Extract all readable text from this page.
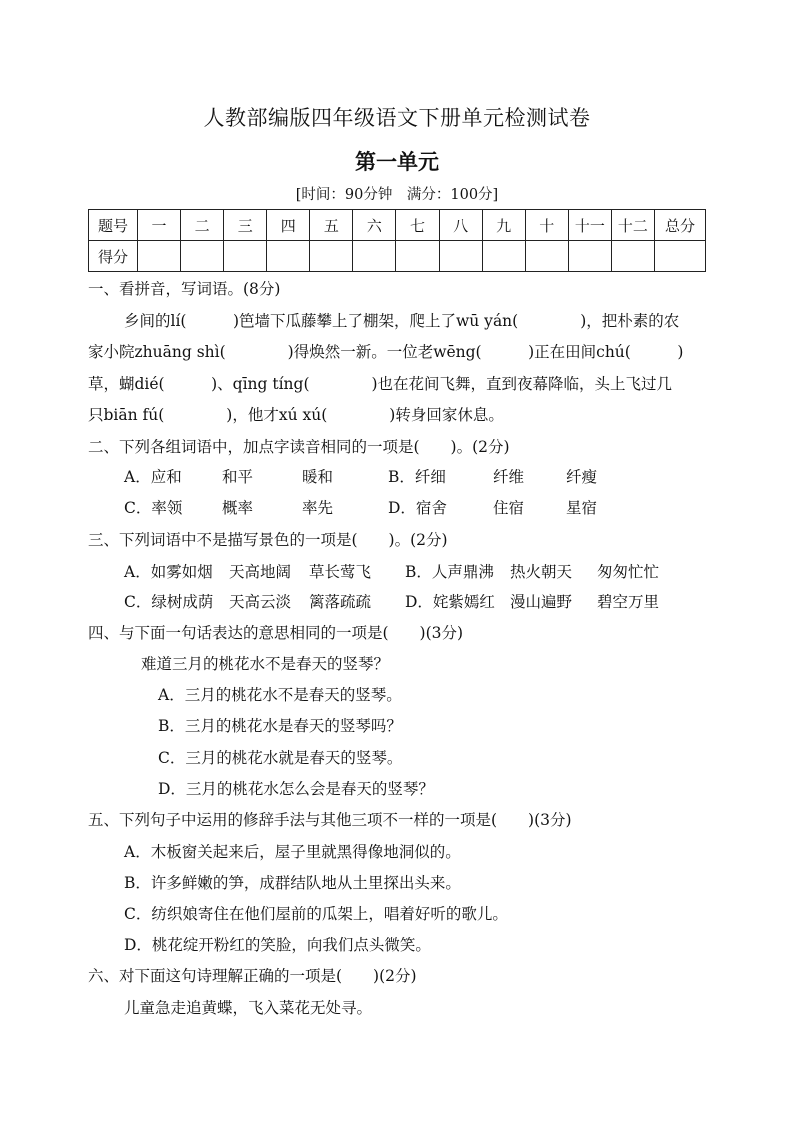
人教部编版四年级语文下册单元检测试卷
第一单元
[时间：90分钟　满分：100分]
题号	一	二	三	四	五	六	七	八	九	十	十一	十二	总分
得分													
一、看拼音，写词语。(8分)
乡间的lí(　　　)笆墙下瓜藤攀上了棚架，爬上了wū yán(　　　　)，把朴素的农
家小院zhuāng shì(　　　　)得焕然一新。一位老wēng(　　　)正在田间chú(　　　)
草，蝴dié(　　　)、qīng tíng(　　　　)也在花间飞舞，直到夜幕降临，头上飞过几
只biān fú(　　　　)，他才xú xú(　　　　)转身回家休息。
二、下列各组词语中，加点字读音相同的一项是(　　)。(2分)
A．应和	和平	暖和	B．纤细	纤维	纤瘦
C．率领	概率	率先	D．宿舍	住宿	星宿
三、下列词语中不是描写景色的一项是(　　)。(2分)
A．如雾如烟 天高地阔 草长莺飞 B．人声鼎沸 热火朝天 匆匆忙忙
C．绿树成荫 天高云淡 篱落疏疏 D．姹紫嫣红 漫山遍野 碧空万里
四、与下面一句话表达的意思相同的一项是(　　)(3分)
难道三月的桃花水不是春天的竖琴？
A．三月的桃花水不是春天的竖琴。
B．三月的桃花水是春天的竖琴吗？
C．三月的桃花水就是春天的竖琴。
D．三月的桃花水怎么会是春天的竖琴？
五、下列句子中运用的修辞手法与其他三项不一样的一项是(　　)(3分)
A．木板窗关起来后，屋子里就黑得像地洞似的。
B．许多鲜嫩的笋，成群结队地从土里探出头来。
C．纺织娘寄住在他们屋前的瓜架上，唱着好听的歌儿。
D．桃花绽开粉红的笑脸，向我们点头微笑。
六、对下面这句诗理解正确的一项是(　　)(2分)
儿童急走追黄蝶，飞入菜花无处寻。
